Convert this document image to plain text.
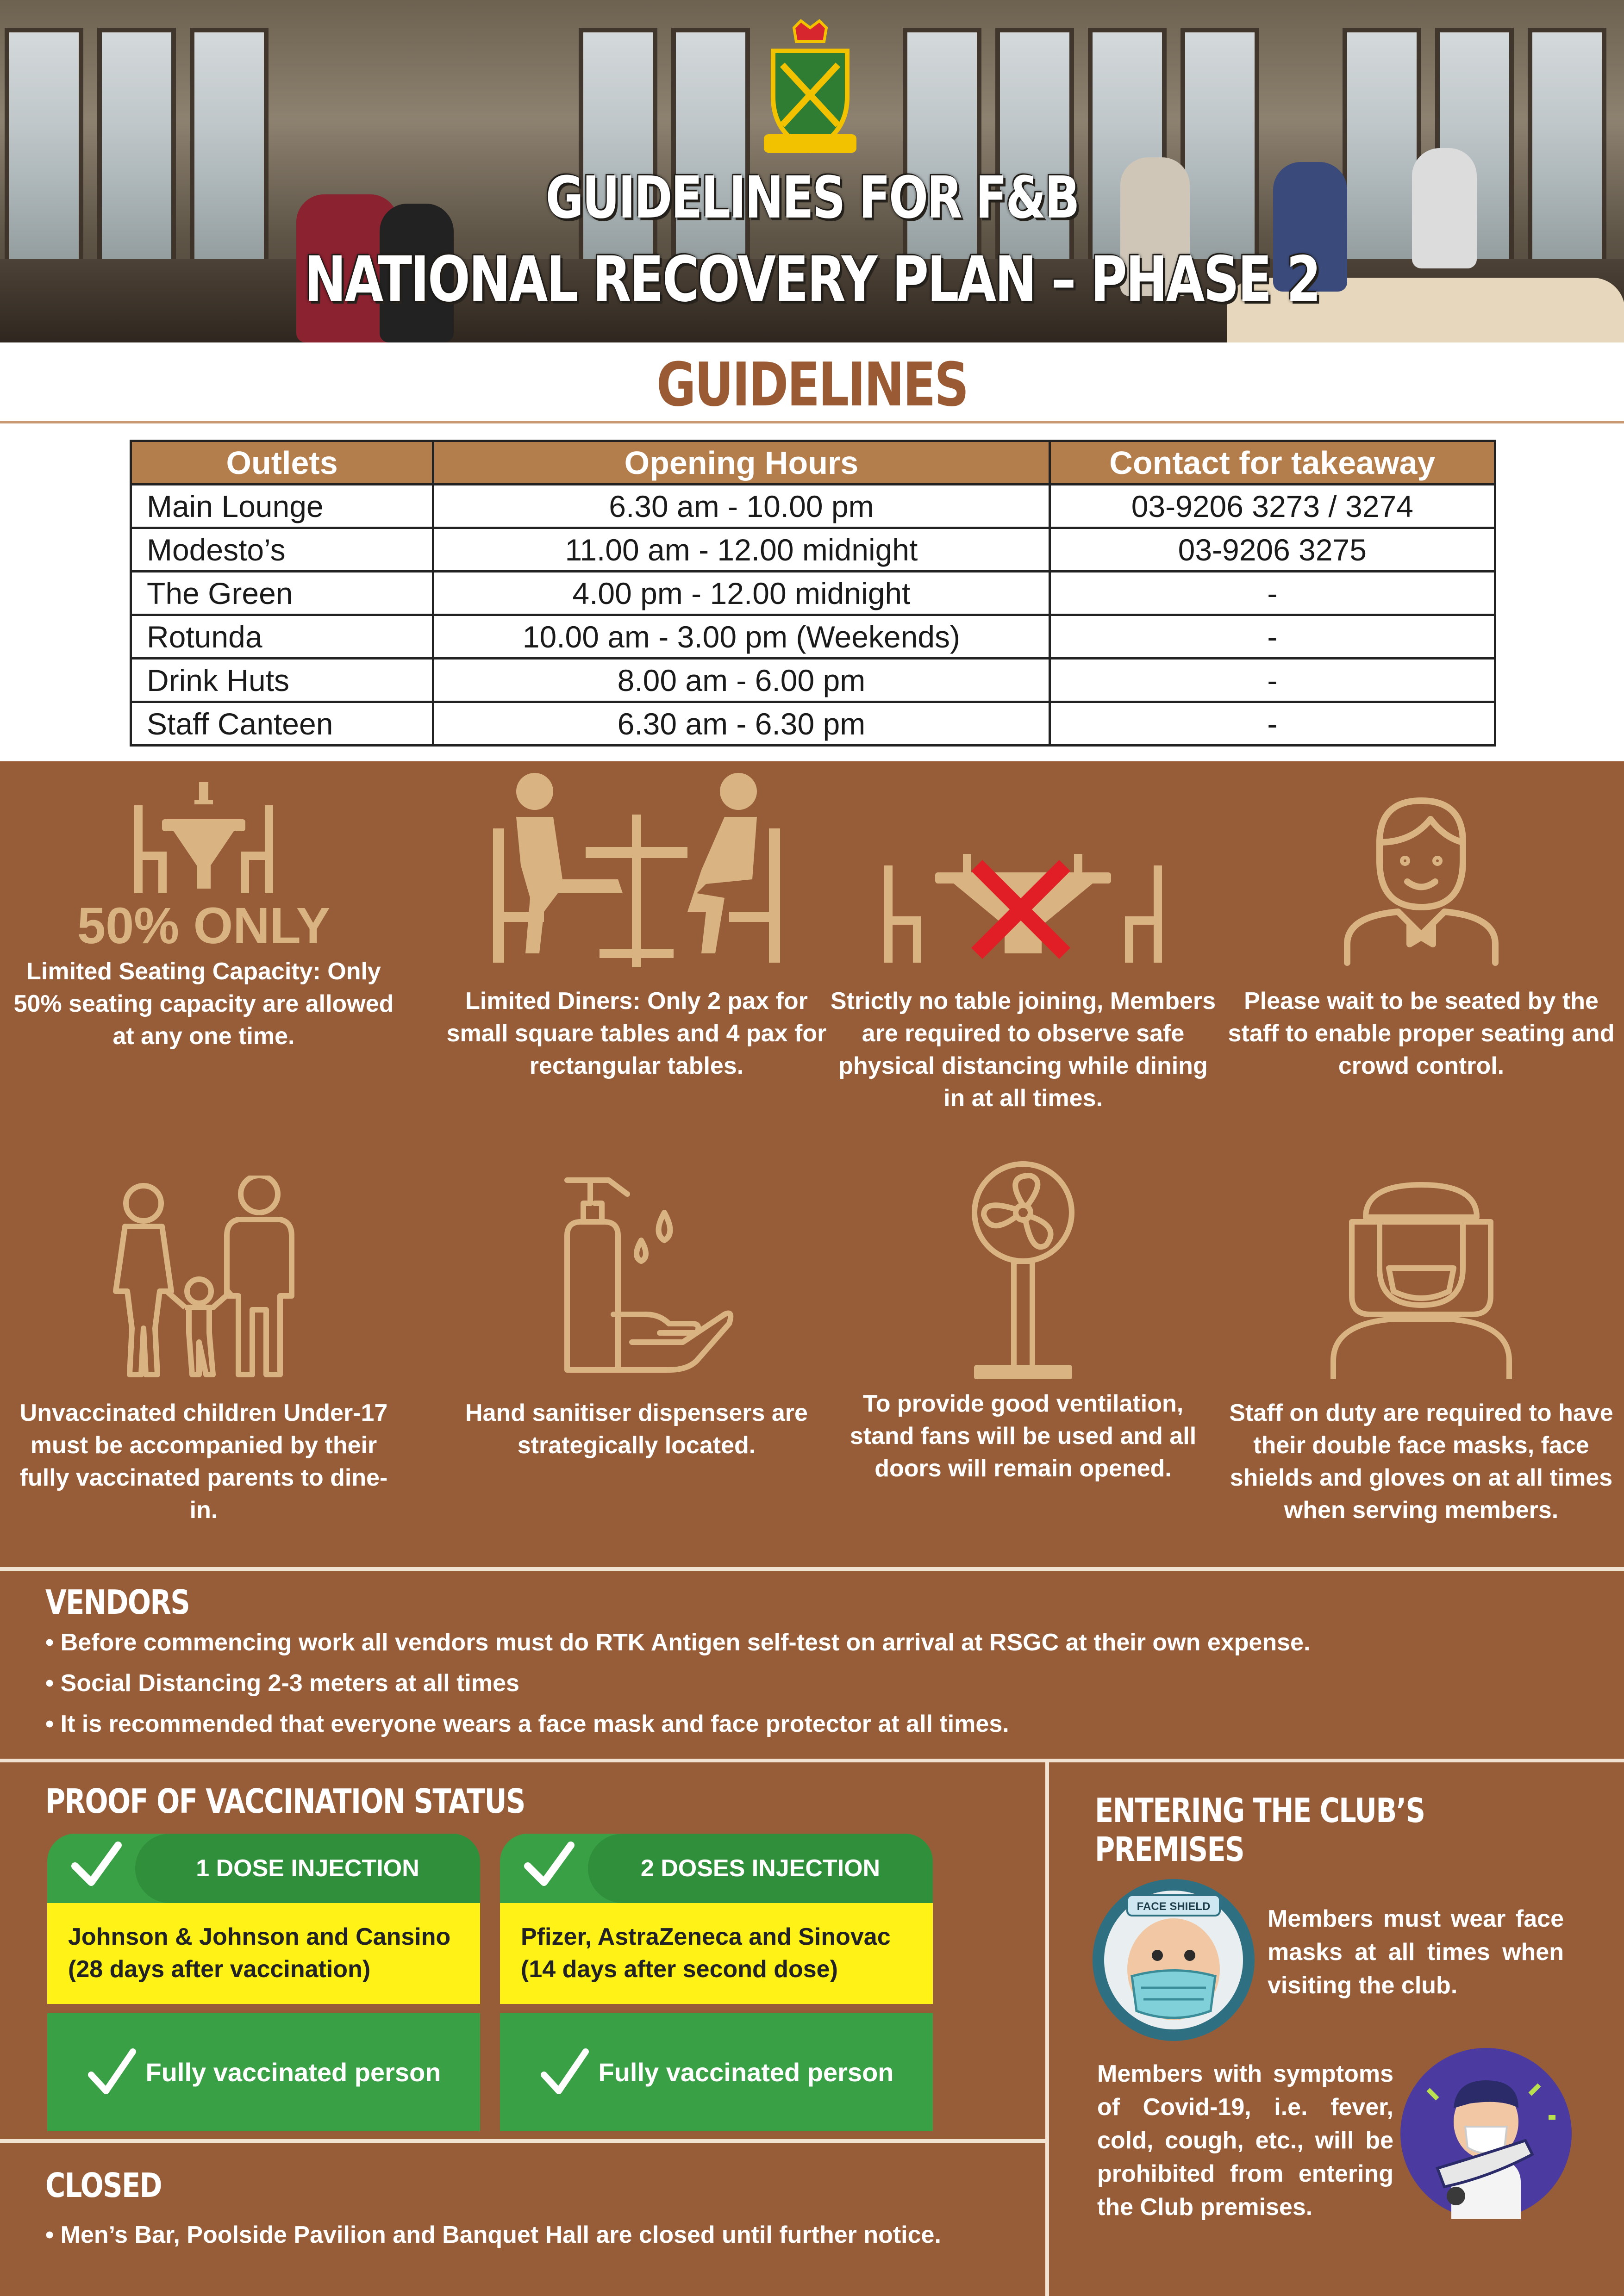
GUIDELINES FOR F&B
NATIONAL RECOVERY PLAN – PHASE 2
GUIDELINES
Outlets	Opening Hours	Contact for takeaway
Main Lounge	6.30 am - 10.00 pm	03-9206 3273 / 3274
Modesto’s	11.00 am - 12.00 midnight	03-9206 3275
The Green	4.00 pm - 12.00 midnight	-
Rotunda	10.00 am - 3.00 pm (Weekends)	-
Drink Huts	8.00 am - 6.00 pm	-
Staff Canteen	6.30 am - 6.30 pm	-
50% ONLY
Limited Seating Capacity: Only 50% seating capacity are allowed at any one time.
Limited Diners: Only 2 pax for small square tables and 4 pax for rectangular tables.
Strictly no table joining, Members are required to observe safe physical distancing while dining in at all times.
Please wait to be seated by the staff to enable proper seating and crowd control.
Unvaccinated children Under-17 must be accompanied by their fully vaccinated parents to dine-in.
Hand sanitiser dispensers are strategically located.
To provide good ventilation, stand fans will be used and all doors will remain opened.
Staff on duty are required to have their double face masks, face shields and gloves on at all times when serving members.
VENDORS
• Before commencing work all vendors must do RTK Antigen self-test on arrival at RSGC at their own expense.
• Social Distancing 2-3 meters at all times
• It is recommended that everyone wears a face mask and face protector at all times.
PROOF OF VACCINATION STATUS
1 DOSE INJECTION
Johnson & Johnson and Cansino
(28 days after vaccination)
Fully vaccinated person
2 DOSES INJECTION
Pfizer, AstraZeneca and Sinovac
(14 days after second dose)
Fully vaccinated person
CLOSED
• Men’s Bar, Poolside Pavilion and Banquet Hall are closed until further notice.
ENTERING THE CLUB’S PREMISES
FACE SHIELD Members must wear face masks at all times when visiting the club.
Members with symptoms of Covid-19, i.e. fever, cold, cough, etc., will be prohibited from entering the Club premises.
